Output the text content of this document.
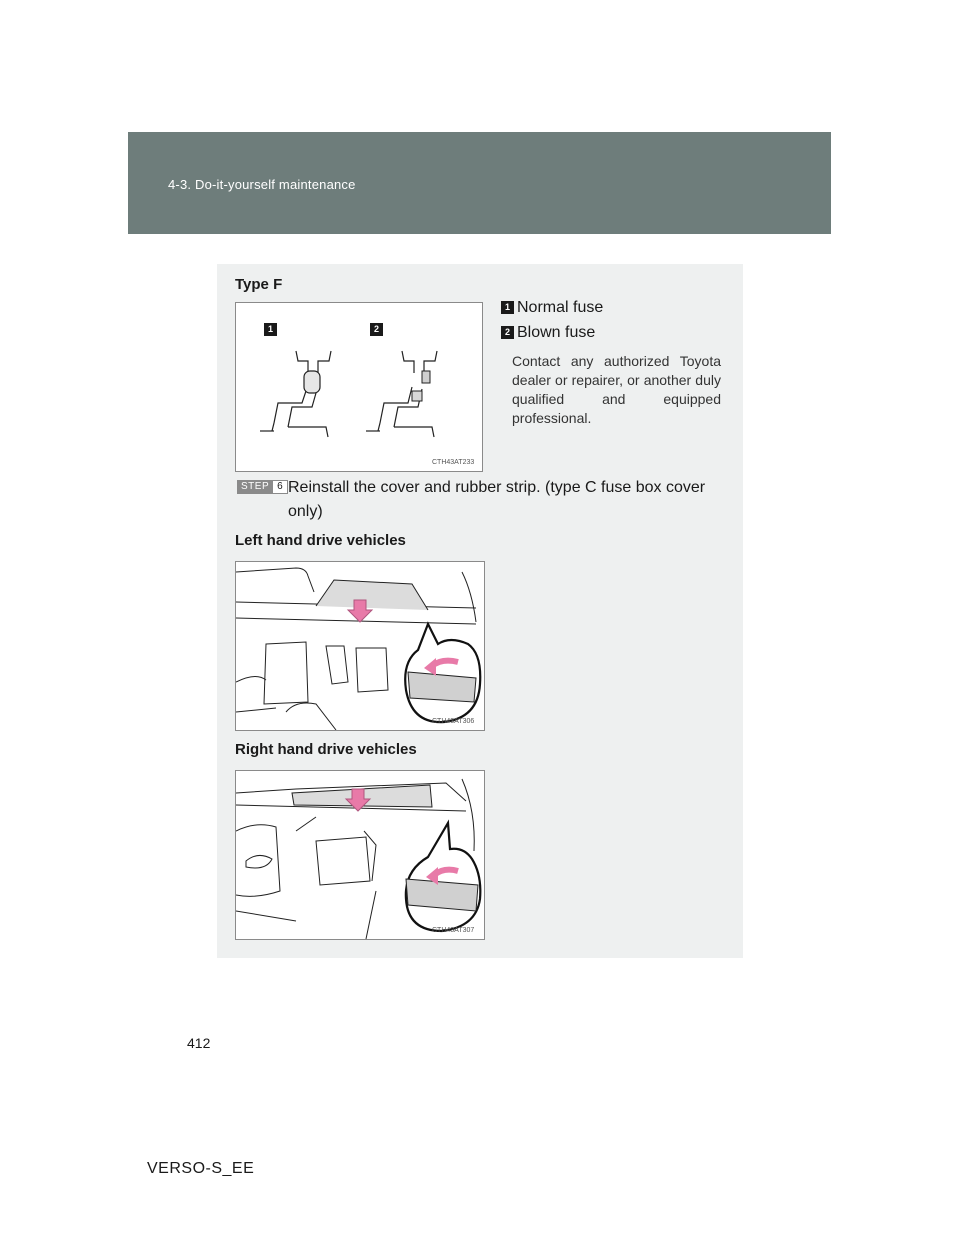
4-3. Do-it-yourself maintenance
Type F
1	2
CTH43AT233
1 Normal fuse
2 Blown fuse
Contact any authorized Toyota dealer or repairer, or another duly qualified and equipped professional.
STEP 6 Reinstall the cover and rubber strip. (type C fuse box cover only)
Left hand drive vehicles
CTH43AT306
Right hand drive vehicles
CTH43AT307
412
VERSO-S_EE
